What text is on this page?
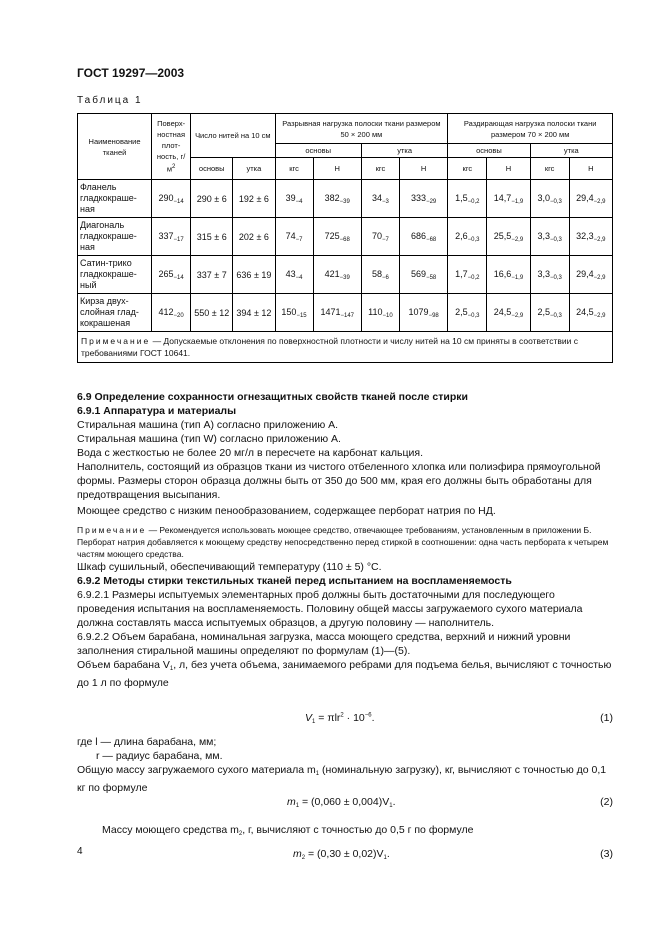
ГОСТ 19297—2003
Таблица 1
Наименование тканей	Поверх-ностная плот-ность, $г/м^2$	Число нитей на 10 см		Разрывная нагрузка полоски ткани размером 50 × 200 мм				Раздирающая нагрузка полоски ткани размером 70 × 200 мм			
				основы		утка		основы		утка	
		основы	утка	кгс	Н	кгс	Н	кгс	Н	кгс	Н
Фланель гладкокраше-ная	$290_{-14}$	290 ± 6	192 ± 6	$39_{-4}$	$382_{-39}$	$34_{-3}$	$333_{-29}$	$1,5_{-0,2}$	$14,7_{-1,9}$	$3,0_{-0,3}$	$29,4_{-2,9}$
Диагональ гладкокраше-ная	$337_{-17}$	315 ± 6	202 ± 6	$74_{-7}$	$725_{-68}$	$70_{-7}$	$686_{-68}$	$2,6_{-0,3}$	$25,5_{-2,9}$	$3,3_{-0,3}$	$32,3_{-2,9}$
Сатин-трико гладкокраше-ный	$265_{-14}$	337 ± 7	636 ± 19	$43_{-4}$	$421_{-39}$	$58_{-6}$	$569_{-58}$	$1,7_{-0,2}$	$16,6_{-1,9}$	$3,3_{-0,3}$	$29,4_{-2,9}$
Кирза двух-слойная глад-кокрашеная	$412_{-20}$	550 ± 12	394 ± 12	$150_{-15}$	$1471_{-147}$	$110_{-10}$	$1079_{-98}$	$2,5_{-0,3}$	$24,5_{-2,9}$	$2,5_{-0,3}$	$24,5_{-2,9}$
Примечание — Допускаемые отклонения по поверхностной плотности и числу нитей на 10 см приняты в соответствии с требованиями ГОСТ 10641.											
6.9 Определение сохранности огнезащитных свойств тканей после стирки
6.9.1 Аппаратура и материалы
Стиральная машина (тип А) согласно приложению А.
Стиральная машина (тип W) согласно приложению А.
Вода с жесткостью не более 20 мг/л в пересчете на карбонат кальция.
Наполнитель, состоящий из образцов ткани из чистого отбеленного хлопка или полиэфира прямоугольной формы. Размеры сторон образца должны быть от 350 до 500 мм, края его должны быть обработаны для предотвращения высыпания.
Моющее средство с низким пенообразованием, содержащее перборат натрия по НД.
Примечание — Рекомендуется использовать моющее средство, отвечающее требованиям, установленным в приложении Б. Перборат натрия добавляется к моющему средству непосредственно перед стиркой в соотношении: одна часть пербората к четырем частям моющего средства.
Шкаф сушильный, обеспечивающий температуру (110 ± 5) °С.
6.9.2 Методы стирки текстильных тканей перед испытанием на воспламеняемость
6.9.2.1 Размеры испытуемых элементарных проб должны быть достаточными для последующего проведения испытания на воспламеняемость. Половину общей массы загружаемого сухого материала должна составлять масса испытуемых образцов, а другую половину — наполнитель.
6.9.2.2 Объем барабана, номинальная загрузка, масса моющего средства, верхний и нижний уровни заполнения стиральной машины определяют по формулам (1)—(5).
Объем барабана $V_1$, л, без учета объема, занимаемого ребрами для подъема белья, вычисляют с точностью до 1 л по формуле
$V_1 = \pi lr^2 \cdot 10^{-6}$.	(1)
где l — длина барабана, мм;
r — радиус барабана, мм.
Общую массу загружаемого сухого материала $m_1$ (номинальную загрузку), кг, вычисляют с точностью до 0,1 кг по формуле
$m_1 = (0,060 \pm 0,004)V_1$.	(2)
Массу моющего средства $m_2$, г, вычисляют с точностью до 0,5 г по формуле
$m_2 = (0,30 \pm 0,02)V_1$.	(3)
4
